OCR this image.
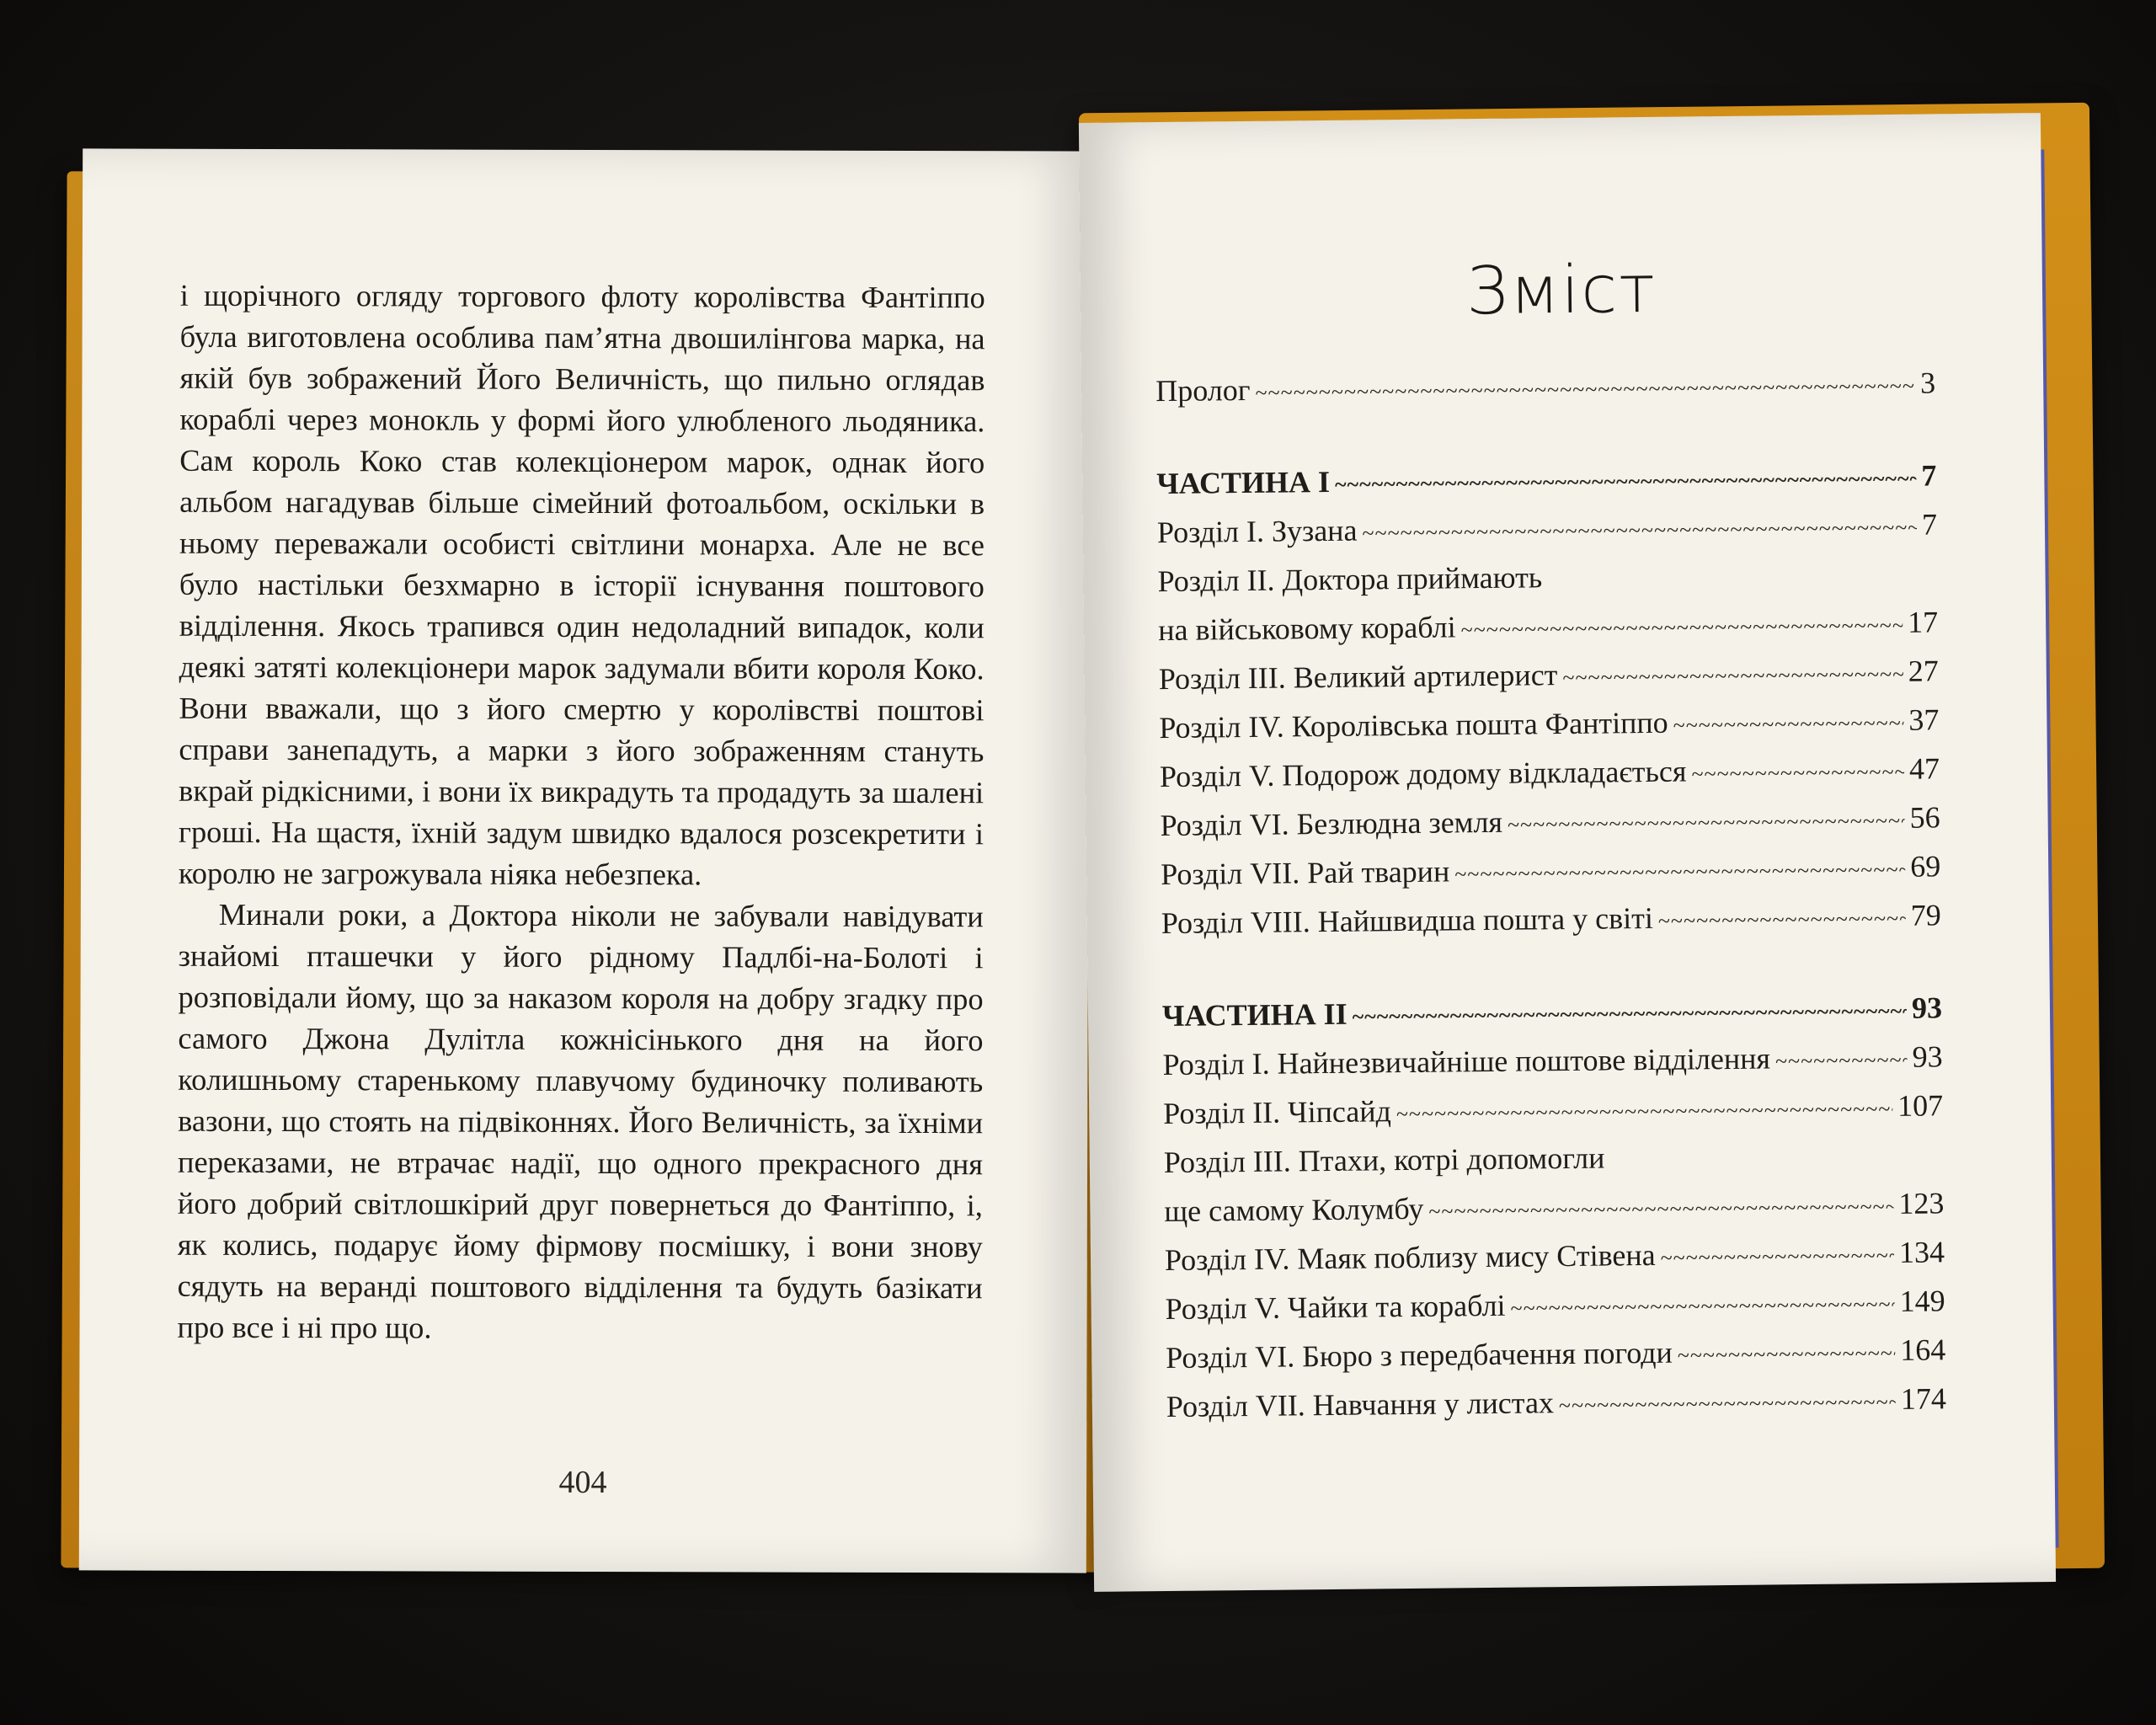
і щорічного огляду торгового флоту королівства Фантіппо була виготовлена особлива пам’ятна двошилінгова марка, на якій був зображений Його Величність, що пильно оглядав кораблі через монокль у формі його улюбленого льодяника. Сам король Коко став колекціонером марок, однак його альбом нагадував більше сімейний фотоальбом, оскільки в ньому переважали особисті світлини монарха. Але не все було настільки безхмарно в історії існування поштового відділення. Якось трапився один недоладний випадок, коли деякі затяті колекціонери марок задумали вбити короля Коко. Вони вважали, що з його смертю у королівстві поштові справи занепадуть, а марки з його зображенням стануть вкрай рідкісними, і вони їх викрадуть та продадуть за шалені гроші. На щастя, їхній задум швидко вдалося розсекретити і королю не загрожувала ніяка небезпека.

Минали роки, а Доктора ніколи не забували навідувати знайомі пташечки у його рідному Падлбі-на-Болоті і розповідали йому, що за наказом короля на добру згадку про самого Джона Дулітла кожнісінького дня на його колишньому старенькому плавучому будиночку поливають вазони, що стоять на підвіконнях. Його Величність, за їхніми переказами, не втрачає надії, що одного прекрасного дня його добрий світлошкірий друг повернеться до Фантіппо, і, як колись, подарує йому фірмову посмішку, і вони знову сядуть на веранді поштового відділення та будуть базікати про все і ні про що.

404
Зміст
Пролог ~~~~~	3
ЧАСТИНА I ~~~~~	7
Розділ I. Зузана ~~~~~	7
Розділ II. Доктора приймають
на військовому кораблі ~~~~~	17
Розділ III. Великий артилерист ~~~~~	27
Розділ IV. Королівська пошта Фантіппо ~~~~~	37
Розділ V. Подорож додому відкладається ~~~~~	47
Розділ VI. Безлюдна земля ~~~~~	56
Розділ VII. Рай тварин ~~~~~	69
Розділ VIII. Найшвидша пошта у світі ~~~~~	79
ЧАСТИНА II ~~~~~	93
Розділ I. Найнезвичайніше поштове відділення ~~~~~	93
Розділ II. Чіпсайд ~~~~~	107
Розділ III. Птахи, котрі допомогли
ще самому Колумбу ~~~~~	123
Розділ IV. Маяк поблизу мису Стівена ~~~~~	134
Розділ V. Чайки та кораблі ~~~~~	149
Розділ VI. Бюро з передбачення погоди ~~~~~	164
Розділ VII. Навчання у листах ~~~~~	174
